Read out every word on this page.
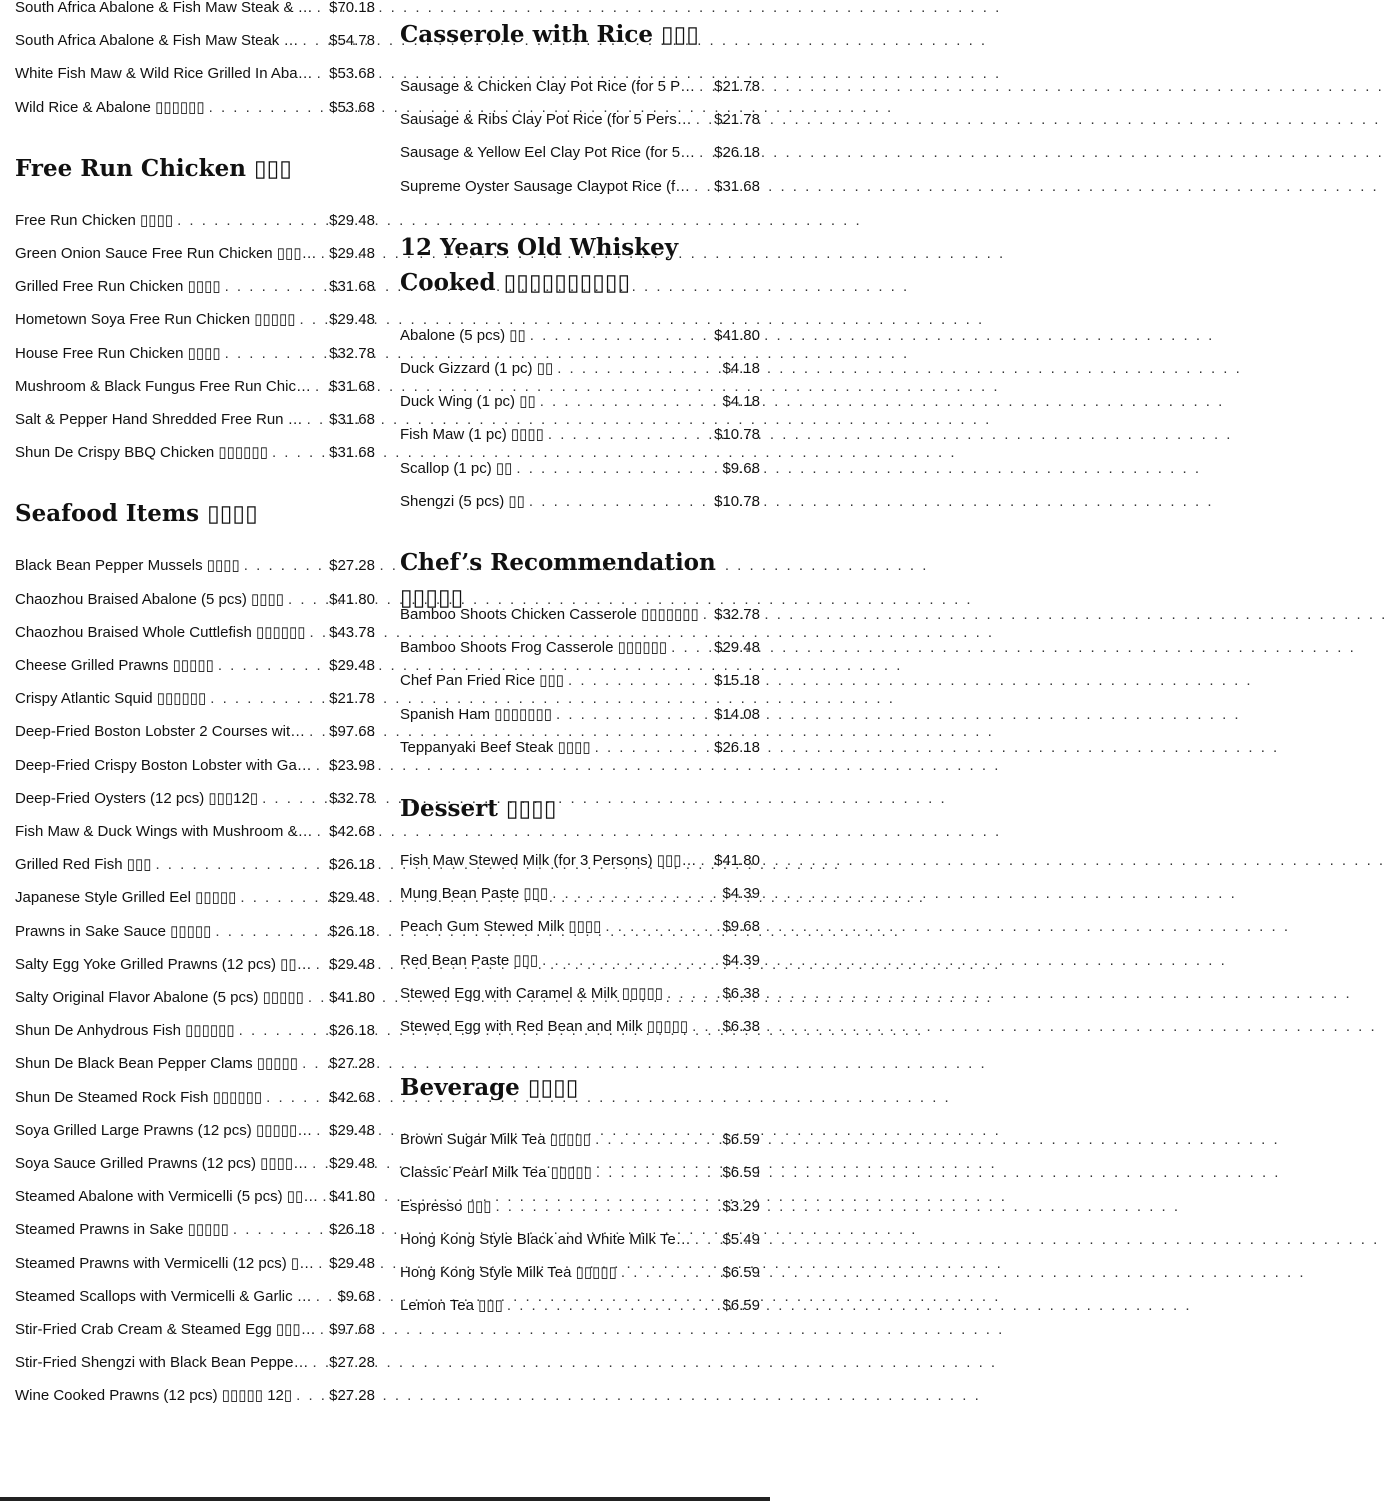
South Africa Abalone & Fish Maw Steak & … . . . $70.18
South Africa Abalone & Fish Maw Steak … . . . $54.78
White Fish Maw & Wild Rice Grilled In Aba… . . . $53.68
Wild Rice & Abalone ▯▯▯▯▯▯ . . .	$53.68
Free Run Chicken ▯▯▯
Free Run Chicken ▯▯▯▯ . . .	$29.48
Green Onion Sauce Free Run Chicken ▯▯▯… . . . $29.48
Grilled Free Run Chicken ▯▯▯▯ . . .	$31.68
Hometown Soya Free Run Chicken ▯▯▯▯▯ . . . $29.48
House Free Run Chicken ▯▯▯▯ . . .	$32.78
Mushroom & Black Fungus Free Run Chic… . . . $31.68
Salt & Pepper Hand Shredded Free Run … . . . $31.68
Shun De Crispy BBQ Chicken ▯▯▯▯▯▯ . . .	$31.68
Seafood Items ▯▯▯▯
Black Bean Pepper Mussels ▯▯▯▯ . . .	$27.28
Chaozhou Braised Abalone (5 pcs) ▯▯▯▯ . . .	$41.80
Chaozhou Braised Whole Cuttlefish ▯▯▯▯▯▯ . . . $43.78
Cheese Grilled Prawns ▯▯▯▯▯ . . .	$29.48
Crispy Atlantic Squid ▯▯▯▯▯▯ . . .	$21.78
Deep-Fried Boston Lobster 2 Courses wit… . . . $97.68
Deep-Fried Crispy Boston Lobster with Ga… . . . $23.98
Deep-Fried Oysters (12 pcs) ▯▯▯12▯ . . .	$32.78
Fish Maw & Duck Wings with Mushroom &… . . . $42.68
Grilled Red Fish ▯▯▯ . . .	$26.18
Japanese Style Grilled Eel ▯▯▯▯▯ . . .	$29.48
Prawns in Sake Sauce ▯▯▯▯▯ . . .	$26.18
Salty Egg Yoke Grilled Prawns (12 pcs) ▯▯… . . . $29.48
Salty Original Flavor Abalone (5 pcs) ▯▯▯▯▯ . . . $41.80
Shun De Anhydrous Fish ▯▯▯▯▯▯ . . .	$26.18
Shun De Black Bean Pepper Clams ▯▯▯▯▯ . . . $27.28
Shun De Steamed Rock Fish ▯▯▯▯▯▯ . . .	$42.68
Soya Grilled Large Prawns (12 pcs) ▯▯▯▯▯… . . . $29.48
Soya Sauce Grilled Prawns (12 pcs) ▯▯▯▯… . . . $29.48
Steamed Abalone with Vermicelli (5 pcs) ▯▯… . . . $41.80
Steamed Prawns in Sake ▯▯▯▯▯ . . .	$26.18
Steamed Prawns with Vermicelli (12 pcs) ▯… . . . $29.48
Steamed Scallops with Vermicelli & Garlic … . . . $9.68
Stir-Fried Crab Cream & Steamed Egg ▯▯▯… . . . $97.68
Stir-Fried Shengzi with Black Bean Peppe… . . . $27.28
Wine Cooked Prawns (12 pcs) ▯▯▯▯▯ 12▯ . . . $27.28
Casserole with Rice ▯▯▯
Sausage & Chicken Clay Pot Rice (for 5 P… . . . $21.78
Sausage & Ribs Clay Pot Rice (for 5 Pers… . . . $21.78
Sausage & Yellow Eel Clay Pot Rice (for 5… . . . $26.18
Supreme Oyster Sausage Claypot Rice (f… . . . $31.68
12 Years Old Whiskey Cooked ▯▯▯▯▯▯▯▯▯▯
Abalone (5 pcs) ▯▯ . . .	$41.80
Duck Gizzard (1 pc) ▯▯ . . .	$4.18
Duck Wing (1 pc) ▯▯ . . .	$4.18
Fish Maw (1 pc) ▯▯▯▯ . . .	$10.78
Scallop (1 pc) ▯▯ . . .	$9.68
Shengzi (5 pcs) ▯▯ . . .	$10.78
Chef’s Recommendation ▯▯▯▯▯
Bamboo Shoots Chicken Casserole ▯▯▯▯▯▯▯ . . . $32.78
Bamboo Shoots Frog Casserole ▯▯▯▯▯▯ . . .	$29.48
Chef Pan Fried Rice ▯▯▯ . . .	$15.18
Spanish Ham ▯▯▯▯▯▯▯ . . .	$14.08
Teppanyaki Beef Steak ▯▯▯▯ . . .	$26.18
Dessert ▯▯▯▯
Fish Maw Stewed Milk (for 3 Persons) ▯▯▯… . . . $41.80
Mung Bean Paste ▯▯▯ . . .	$4.39
Peach Gum Stewed Milk ▯▯▯▯ . . .	$9.68
Red Bean Paste ▯▯▯ . . .	$4.39
Stewed Egg with Caramel & Milk ▯▯▯▯▯ . . .	$6.38
Stewed Egg with Red Bean and Milk ▯▯▯▯▯ . . . $6.38
Beverage ▯▯▯▯
Brown Sugar Milk Tea ▯▯▯▯▯ . . .	$6.59
Classic Pearl Milk Tea ▯▯▯▯▯ . . .	$6.59
Espresso ▯▯▯ . . .	$3.29
Hong Kong Style Black and White Milk Te… . . . $5.49
Hong Kong Style Milk Tea ▯▯▯▯▯ . . .	$6.59
Lemon Tea ▯▯▯ . . .	$6.59
